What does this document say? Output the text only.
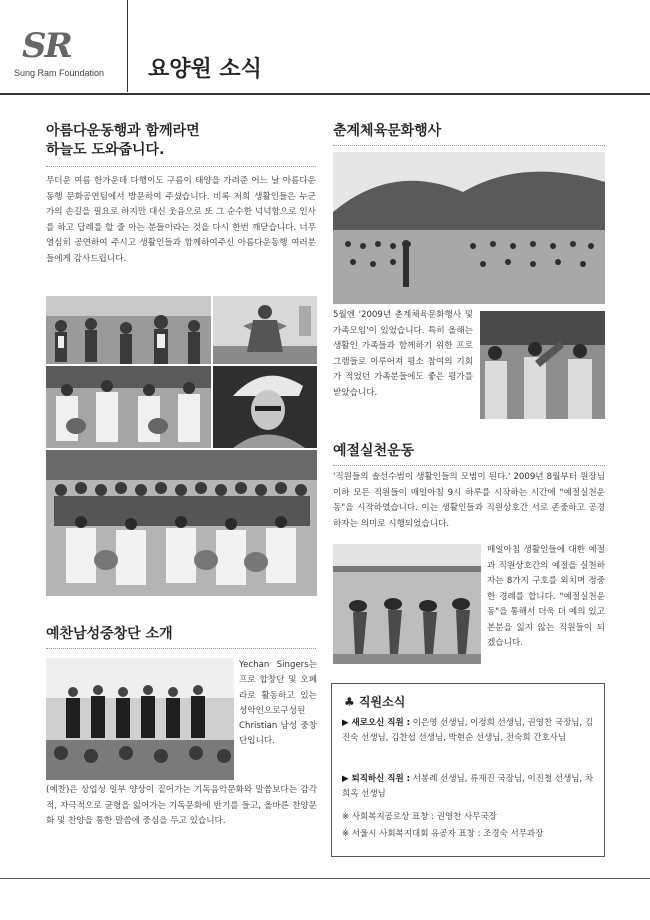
SR
Sung Ram Foundation 요양원 소식
아름다운동행과 함께라면
하늘도 도와줍니다.
무더운 여름 한가운데 다행이도 구름이 태양을 가려준 어느 날 아름다운동행 문화공연팀에서 방문하여 주셨습니다. 비록 저희 생활인들은 누군가의 손길을 필요로 하지만 대신 웃음으로 또 그 순수한 넉넉함으로 인사를 하고 답례를 할 줄 아는 분들이라는 것을 다시 한번 깨닫습니다. 너무 열심히 공연하여 주시고 생활인들과 함께하여주신 아름다운동행 여러분들에게 감사드립니다.
예찬남성중창단 소개
Yechan Singers는 프로 합창단 및 오페라로 활동하고 있는 성악인으로구성된 Christian 남성 중창단입니다.
(예찬)은 상업성 일부 양상이 짙어가는 기독음악문화와 말씀보다는 감각적, 자극적으로 균형을 잃어가는 기독문화에 반기를 들고, 올바른 찬양문화 및 찬양을 통한 말씀에 중심을 두고 있습니다.
춘계체육문화행사
5월엔 '2009년 춘계체육문화행사 및 가족모임'이 있었습니다. 특히 올해는 생활인 가족들과 함께하기 위한 프로그램들로 이루어져 평소 참여의 기회가 적었던 가족분들에도 좋은 평가를 받았습니다.
예절실천운동
'직원들의 솔선수범이 생활인들의 모범이 된다.' 2009년 8월부터 원장님이하 모든 직원들이 매일아침 9시 하루를 시작하는 시간에 "예절실천운동"을 시작하였습니다. 이는 생활인들과 직원상호간 서로 존중하고 공경하자는 의미로 시행되었습니다.
매일아침 생활인들에 대한 예절과 직원상호간의 예절을 실천하자는 8가지 구호를 외치며 정중한 경례를 합니다. "예절실천운동"을 통해서 더욱 더 예의 있고 본분을 잃지 않는 직원들이 되겠습니다.
♣ 직원소식
▶ 새로오신 직원 : 이은영 선생님, 이정희 선생님, 권영찬 국장님, 김진숙 선생님, 김찬섭 선생님, 박현순 선생님, 전숙희 간호사님
▶ 퇴직하신 직원 : 서봉례 선생님, 류재진 국장님, 이진철 선생님, 차희옥 선생님
※ 사회복지공로상 표창 : 권영찬 사무국장
※ 서울시 사회복지대회 유공자 표창 : 조경숙 서무과장
